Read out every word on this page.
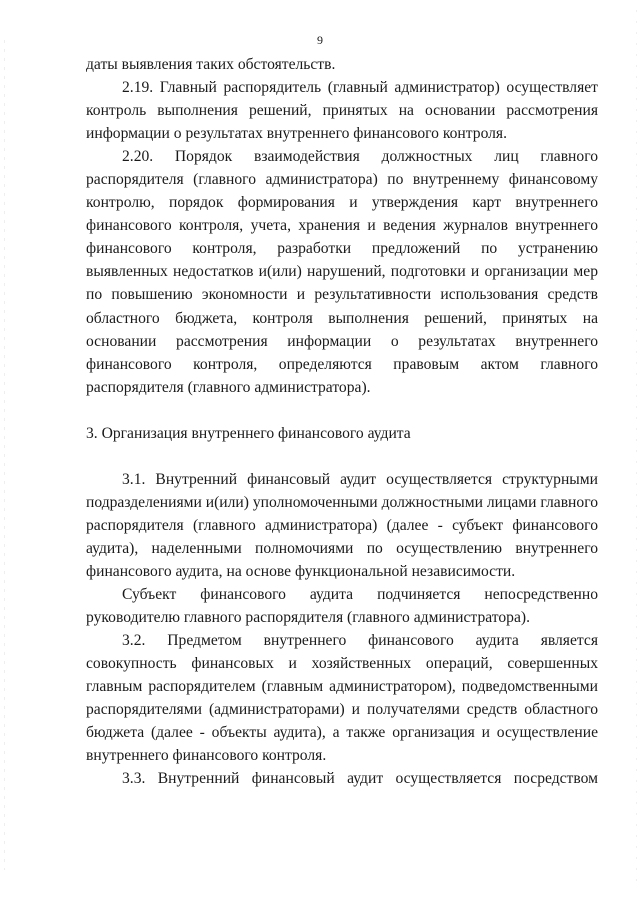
9

даты выявления таких обстоятельств.

2.19. Главный распорядитель (главный администратор) осуществляет контроль выполнения решений, принятых на основании рассмотрения информации о результатах внутреннего финансового контроля.

2.20. Порядок взаимодействия должностных лиц главного распорядителя (главного администратора) по внутреннему финансовому контролю, порядок формирования и утверждения карт внутреннего финансового контроля, учета, хранения и ведения журналов внутреннего финансового контроля, разработки предложений по устранению выявленных недостатков и(или) нарушений, подготовки и организации мер по повышению экономности и результативности использования средств областного бюджета, контроля выполнения решений, принятых на основании рассмотрения информации о результатах внутреннего финансового контроля, определяются правовым актом главного распорядителя (главного администратора).

3. Организация внутреннего финансового аудита

3.1. Внутренний финансовый аудит осуществляется структурными подразделениями и(или) уполномоченными должностными лицами главного распорядителя (главного администратора) (далее - субъект финансового аудита), наделенными полномочиями по осуществлению внутреннего финансового аудита, на основе функциональной независимости.

Субъект финансового аудита подчиняется непосредственно руководителю главного распорядителя (главного администратора).

3.2. Предметом внутреннего финансового аудита является совокупность финансовых и хозяйственных операций, совершенных главным распорядителем (главным администратором), подведомственными распорядителями (администраторами) и получателями средств областного бюджета (далее - объекты аудита), а также организация и осуществление внутреннего финансового контроля.

3.3. Внутренний финансовый аудит осуществляется посредством
